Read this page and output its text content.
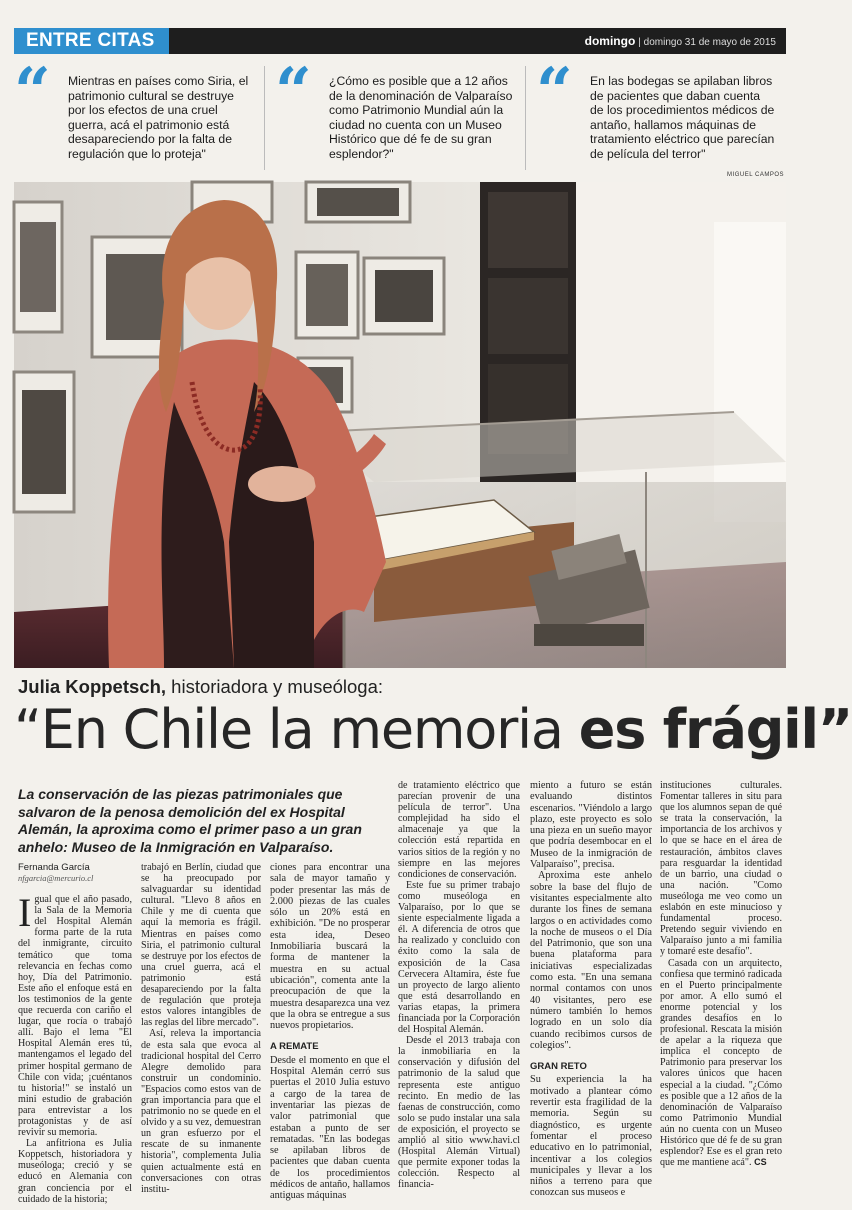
ENTRE CITAS	domingo | domingo 31 de mayo de 2015
“	Mientras en países como Siria, el patrimonio cultural se destruye por los efectos de una cruel guerra, acá el patrimonio está desapareciendo por la falta de regulación que lo proteja"
“	¿Cómo es posible que a 12 años de la denominación de Valparaíso como Patrimonio Mundial aún la ciudad no cuenta con un Museo Histórico que dé fe de su gran esplendor?"
“	En las bodegas se apilaban libros de pacientes que daban cuenta de los procedimientos médicos de antaño, hallamos máquinas de tratamiento eléctrico que parecían de película del terror"
MIGUEL CAMPOS
Julia Koppetsch, historiadora y museóloga:
“En Chile la memoria es frágil”
La conservación de las piezas patrimoniales que salvaron de la penosa demolición del ex Hospital Alemán, la aproxima como el primer paso a un gran anhelo: Museo de la Inmigración en Valparaíso.

Fernanda García

nfgarcia@mercurio.cl

Igual que el año pasado, la Sala de la Memoria del Hospital Alemán forma parte de la ruta del inmigrante, circuito temático que toma relevancia en fechas como hoy, Día del Patrimonio. Este año el enfoque está en los testimonios de la gente que recuerda con cariño el lugar, que rocía o trabajó allí. Bajo el lema "El Hospital Alemán eres tú, mantengamos el legado del primer hospital germano de Chile con vida; ¡cuéntanos tu historia!" se instaló un mini estudio de grabación para entrevistar a los protagonistas y de así revivir su memoria.

La anfitriona es Julia Koppetsch, historiadora y museóloga; creció y se educó en Alemania con gran conciencia por el cuidado de la historia;

trabajó en Berlín, ciudad que se ha preocupado por salvaguardar su identidad cultural. "Llevo 8 años en Chile y me di cuenta que aquí la memoria es frágil. Mientras en países como Siria, el patrimonio cultural se destruye por los efectos de una cruel guerra, acá el patrimonio está desapareciendo por la falta de regulación que proteja estos valores intangibles de las reglas del libre mercado".

Así, releva la importancia de esta sala que evoca al tradicional hospital del Cerro Alegre demolido para construir un condominio. "Espacios como estos van de gran importancia para que el patrimonio no se quede en el olvido y a su vez, demuestran un gran esfuerzo por el rescate de su inmanente historia", complementa Julia quien actualmente está en conversaciones con otras institu-

ciones para encontrar una sala de mayor tamaño y poder presentar las más de 2.000 piezas de las cuales sólo un 20% está en exhibición. "De no prosperar esta idea, Deseo Inmobiliaria buscará la forma de mantener la muestra en su actual ubicación", comenta ante la preocupación de que la muestra desaparezca una vez que la obra se entregue a sus nuevos propietarios.

A REMATE

Desde el momento en que el Hospital Alemán cerró sus puertas el 2010 Julia estuvo a cargo de la tarea de inventariar las piezas de valor patrimonial que estaban a punto de ser rematadas. "En las bodegas se apilaban libros de pacientes que daban cuenta de los procedimientos médicos de antaño, hallamos antiguas máquinas

de tratamiento eléctrico que parecían provenir de una película de terror". Una complejidad ha sido el almacenaje ya que la colección está repartida en varios sitios de la región y no siempre en las mejores condiciones de conservación.

Este fue su primer trabajo como museóloga en Valparaíso, por lo que se siente especialmente ligada a él. A diferencia de otros que ha realizado y concluido con éxito como la sala de exposición de la Casa Cervecera Altamira, éste fue un proyecto de largo aliento que está desarrollando en varias etapas, la primera financiada por la Corporación del Hospital Alemán.

Desde el 2013 trabaja con la inmobiliaria en la conservación y difusión del patrimonio de la salud que representa este antiguo recinto. En medio de las faenas de construcción, como solo se pudo instalar una sala de exposición, el proyecto se amplió al sitio www.havi.cl (Hospital Alemán Virtual) que permite exponer todas la colección. Respecto al financia-

miento a futuro se están evaluando distintos escenarios. "Viéndolo a largo plazo, este proyecto es solo una pieza en un sueño mayor que podría desembocar en el Museo de la inmigración de Valparaíso", precisa.

Aproxima este anhelo sobre la base del flujo de visitantes especialmente alto durante los fines de semana largos o en actividades como la noche de museos o el Día del Patrimonio, que son una buena plataforma para iniciativas especializadas como esta. "En una semana normal contamos con unos 40 visitantes, pero ese número también lo hemos logrado en un solo día cuando recibimos cursos de colegios".

GRAN RETO

Su experiencia la ha motivado a plantear cómo revertir esta fragilidad de la memoria. Según su diagnóstico, es urgente fomentar el proceso educativo en lo patrimonial, incentivar a los colegios municipales y llevar a los niños a terreno para que conozcan sus museos e

instituciones culturales. Fomentar talleres in situ para que los alumnos sepan de qué se trata la conservación, la importancia de los archivos y lo que se hace en el área de restauración, ámbitos claves para resguardar la identidad de un barrio, una ciudad o una nación. "Como museóloga me veo como un eslabón en este minucioso y fundamental proceso. Pretendo seguir viviendo en Valparaíso junto a mi familia y tomaré este desafío".

Casada con un arquitecto, confiesa que terminó radicada en el Puerto principalmente por amor. A ello sumó el enorme potencial y los grandes desafíos en lo profesional. Rescata la misión de apelar a la riqueza que implica el concepto de Patrimonio para preservar los valores únicos que hacen especial a la ciudad. "¿Cómo es posible que a 12 años de la denominación de Valparaíso como Patrimonio Mundial aún no cuenta con un Museo Histórico que dé fe de su gran esplendor? Ese es el gran reto que me mantiene acá". CS
